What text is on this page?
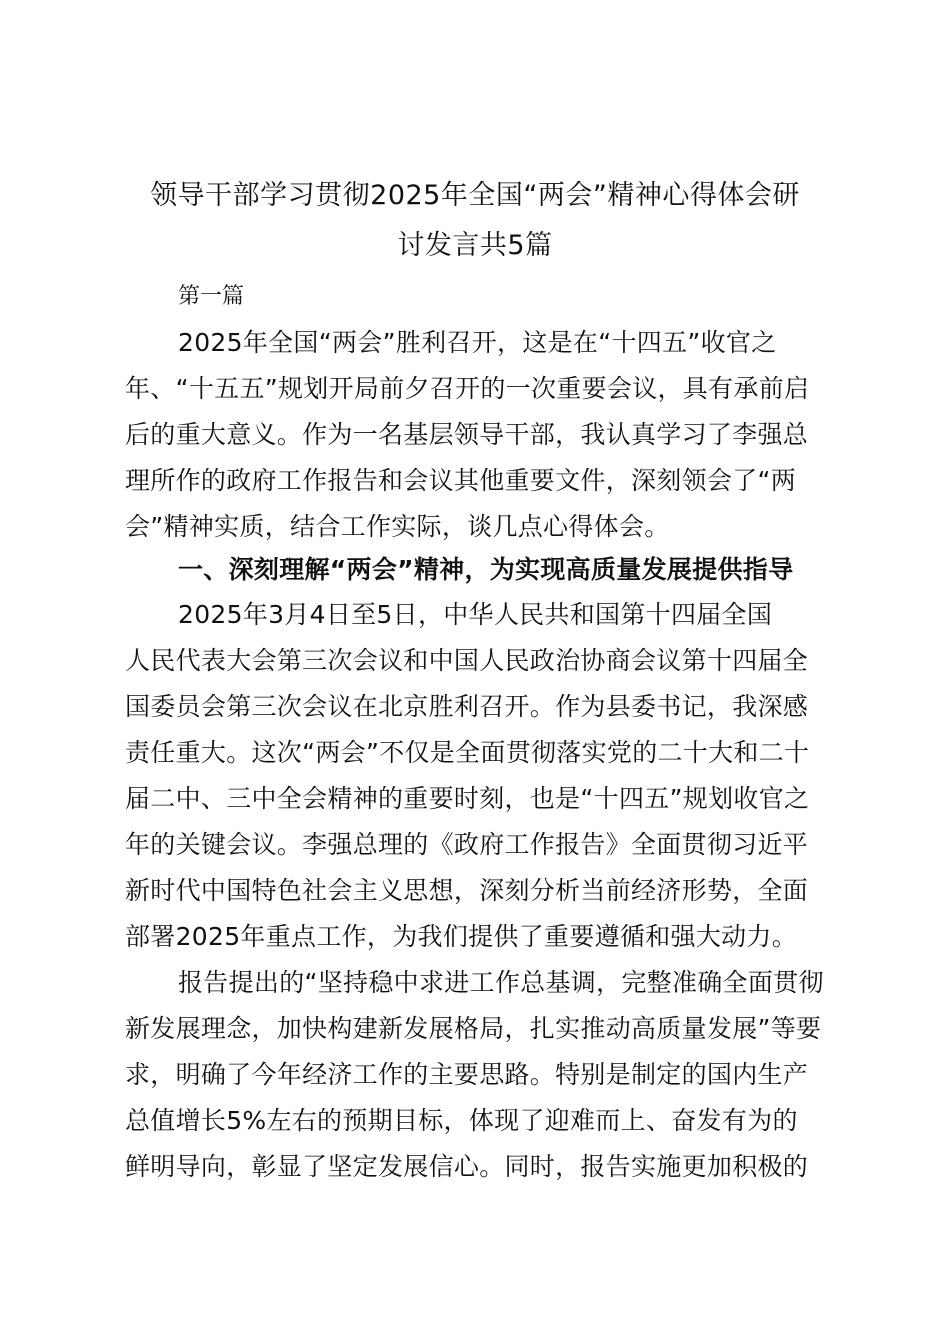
领导干部学习贯彻2025年全国“两会”精神心得体会研
讨发言共5篇
第一篇
2025年全国“两会”胜利召开，这是在“十四五”收官之
年、“十五五”规划开局前夕召开的一次重要会议，具有承前启
后的重大意义。作为一名基层领导干部，我认真学习了李强总
理所作的政府工作报告和会议其他重要文件，深刻领会了“两
会”精神实质，结合工作实际，谈几点心得体会。
一、深刻理解“两会”精神，为实现高质量发展提供指导
2025年3月4日至5日，中华人民共和国第十四届全国
人民代表大会第三次会议和中国人民政治协商会议第十四届全
国委员会第三次会议在北京胜利召开。作为县委书记，我深感
责任重大。这次“两会”不仅是全面贯彻落实党的二十大和二十
届二中、三中全会精神的重要时刻，也是“十四五”规划收官之
年的关键会议。李强总理的《政府工作报告》全面贯彻习近平
新时代中国特色社会主义思想，深刻分析当前经济形势，全面
部署2025年重点工作，为我们提供了重要遵循和强大动力。
报告提出的“坚持稳中求进工作总基调，完整准确全面贯彻
新发展理念，加快构建新发展格局，扎实推动高质量发展”等要
求，明确了今年经济工作的主要思路。特别是制定的国内生产
总值增长5%左右的预期目标，体现了迎难而上、奋发有为的
鲜明导向，彰显了坚定发展信心。同时，报告实施更加积极的
